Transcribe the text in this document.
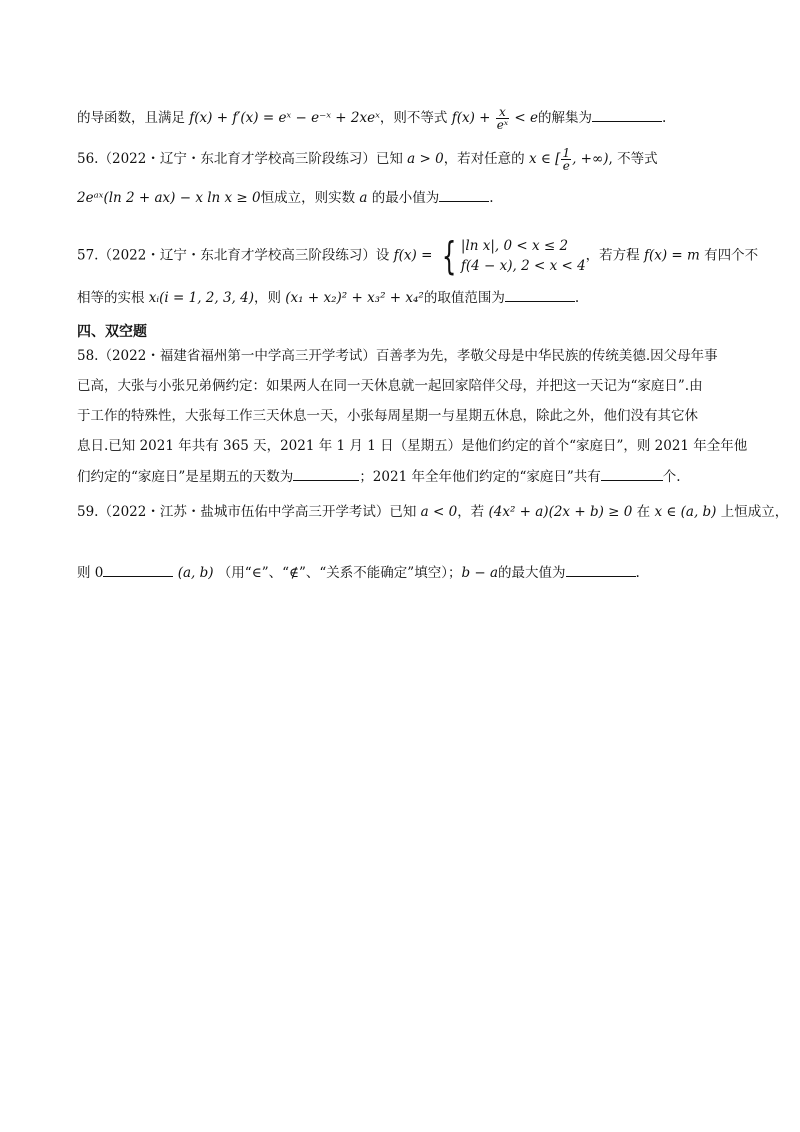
的导函数，且满足 f(x) + f′(x) = eˣ − e⁻ˣ + 2xeˣ，则不等式 $f(x) + \frac{x}{\text{eˣ}} < e$的解集为	.
56.（2022・辽宁・东北育才学校高三阶段练习）已知 a > 0，若对任意的 x ∈ [ $\frac{1}{e}$ , +∞), 不等式
2eᵃˣ(ln 2 + ax) − x ln x ≥ 0恒成立，则实数 a 的最小值为	.
57.（2022・辽宁・东北育才学校高三阶段练习）设 f(x) = { |ln x|, 0 < x ≤ 2
f(4 − x), 2 < x < 4
，若方程 f(x) = m 有四个不
相等的实根 xᵢ(i = 1, 2, 3, 4)，则 (x₁ + x₂)² + x₃² + x₄²的取值范围为	.
四、双空题
58.（2022・福建省福州第一中学高三开学考试）百善孝为先，孝敬父母是中华民族的传统美德.因父母年事
已高，大张与小张兄弟俩约定：如果两人在同一天休息就一起回家陪伴父母，并把这一天记为“家庭日”.由
于工作的特殊性，大张每工作三天休息一天，小张每周星期一与星期五休息，除此之外，他们没有其它休
息日.已知 2021 年共有 365 天，2021 年 1 月 1 日（星期五）是他们约定的首个“家庭日”，则 2021 年全年他
们约定的“家庭日”是星期五的天数为	；2021 年全年他们约定的“家庭日”共有	个.
59.（2022・江苏・盐城市伍佑中学高三开学考试）已知 a < 0，若 (4x² + a)(2x + b) ≥ 0 在 x ∈ (a, b) 上恒成立，
则 0	(a, b) （用“∈”、“∉”、“关系不能确定”填空）；b − a的最大值为	.
